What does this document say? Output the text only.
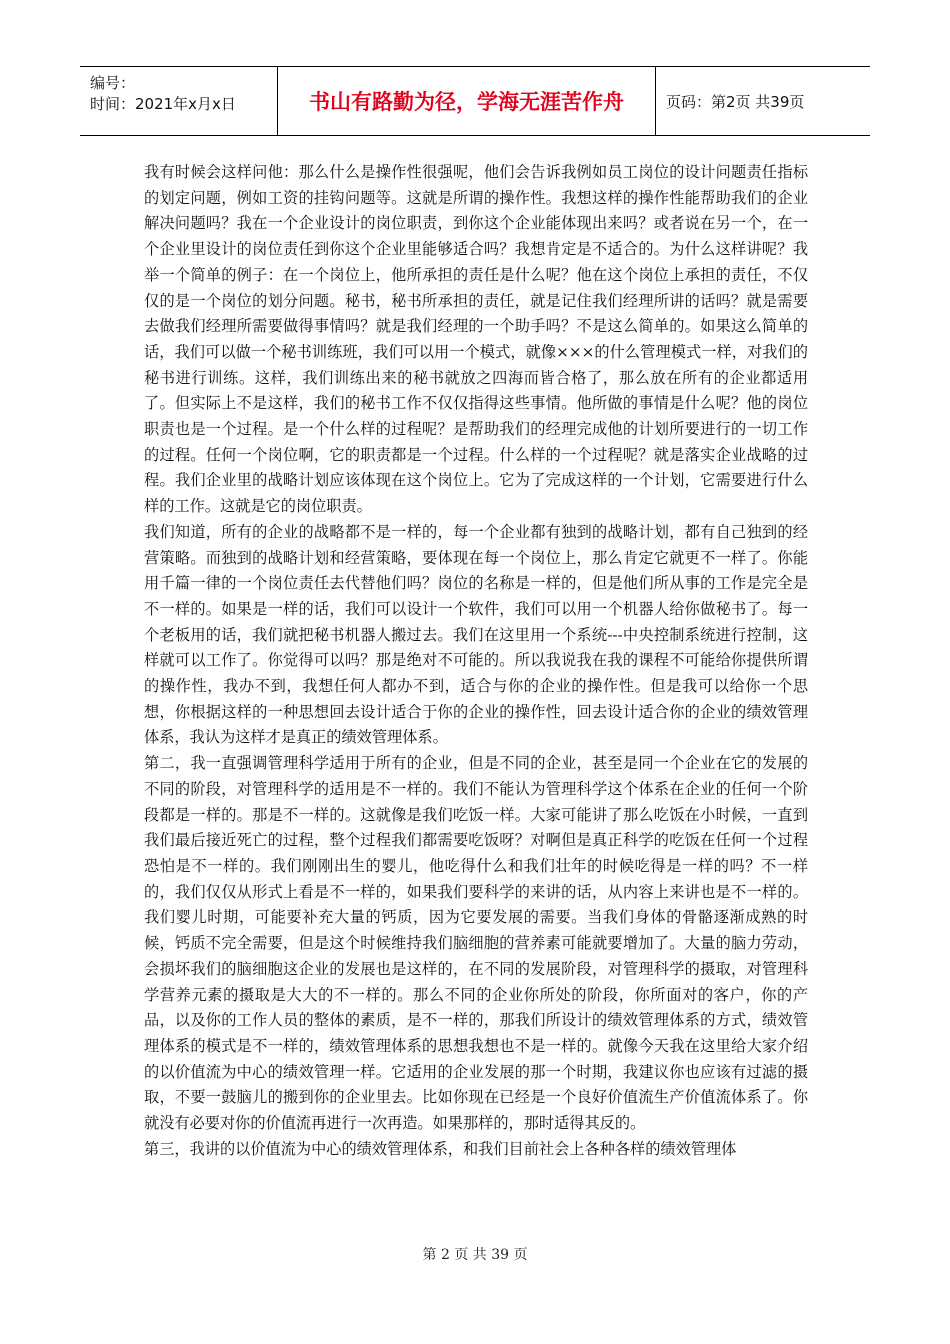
编号：
时间：2021年x月x日	书山有路勤为径，学海无涯苦作舟	页码：第2页 共39页

我有时候会这样问他：那么什么是操作性很强呢，他们会告诉我例如员工岗位的设计问题责任指标的划定问题，例如工资的挂钩问题等。这就是所谓的操作性。我想这样的操作性能帮助我们的企业解决问题吗？我在一个企业设计的岗位职责，到你这个企业能体现出来吗？或者说在另一个，在一个企业里设计的岗位责任到你这个企业里能够适合吗？我想肯定是不适合的。为什么这样讲呢？我举一个简单的例子：在一个岗位上，他所承担的责任是什么呢？他在这个岗位上承担的责任，不仅仅的是一个岗位的划分问题。秘书，秘书所承担的责任，就是记住我们经理所讲的话吗？就是需要去做我们经理所需要做得事情吗？就是我们经理的一个助手吗？不是这么简单的。如果这么简单的话，我们可以做一个秘书训练班，我们可以用一个模式，就像×××的什么管理模式一样，对我们的秘书进行训练。这样，我们训练出来的秘书就放之四海而皆合格了，那么放在所有的企业都适用了。但实际上不是这样，我们的秘书工作不仅仅指得这些事情。他所做的事情是什么呢？他的岗位职责也是一个过程。是一个什么样的过程呢？是帮助我们的经理完成他的计划所要进行的一切工作的过程。任何一个岗位啊，它的职责都是一个过程。什么样的一个过程呢？就是落实企业战略的过程。我们企业里的战略计划应该体现在这个岗位上。它为了完成这样的一个计划，它需要进行什么样的工作。这就是它的岗位职责。

我们知道，所有的企业的战略都不是一样的，每一个企业都有独到的战略计划，都有自己独到的经营策略。而独到的战略计划和经营策略，要体现在每一个岗位上，那么肯定它就更不一样了。你能用千篇一律的一个岗位责任去代替他们吗？岗位的名称是一样的，但是他们所从事的工作是完全是不一样的。如果是一样的话，我们可以设计一个软件，我们可以用一个机器人给你做秘书了。每一个老板用的话，我们就把秘书机器人搬过去。我们在这里用一个系统---中央控制系统进行控制，这样就可以工作了。你觉得可以吗？那是绝对不可能的。所以我说我在我的课程不可能给你提供所谓的操作性，我办不到，我想任何人都办不到，适合与你的企业的操作性。但是我可以给你一个思想，你根据这样的一种思想回去设计适合于你的企业的操作性，回去设计适合你的企业的绩效管理体系，我认为这样才是真正的绩效管理体系。

第二，我一直强调管理科学适用于所有的企业，但是不同的企业，甚至是同一个企业在它的发展的不同的阶段，对管理科学的适用是不一样的。我们不能认为管理科学这个体系在企业的任何一个阶段都是一样的。那是不一样的。这就像是我们吃饭一样。大家可能讲了那么吃饭在小时候，一直到我们最后接近死亡的过程，整个过程我们都需要吃饭呀？对啊但是真正科学的吃饭在任何一个过程恐怕是不一样的。我们刚刚出生的婴儿，他吃得什么和我们壮年的时候吃得是一样的吗？不一样的，我们仅仅从形式上看是不一样的，如果我们要科学的来讲的话，从内容上来讲也是不一样的。我们婴儿时期，可能要补充大量的钙质，因为它要发展的需要。当我们身体的骨骼逐渐成熟的时候，钙质不完全需要，但是这个时候维持我们脑细胞的营养素可能就要增加了。大量的脑力劳动，会损坏我们的脑细胞这企业的发展也是这样的，在不同的发展阶段，对管理科学的摄取，对管理科学营养元素的摄取是大大的不一样的。那么不同的企业你所处的阶段，你所面对的客户，你的产品，以及你的工作人员的整体的素质，是不一样的，那我们所设计的绩效管理体系的方式，绩效管理体系的模式是不一样的，绩效管理体系的思想我想也不是一样的。就像今天我在这里给大家介绍的以价值流为中心的绩效管理一样。它适用的企业发展的那一个时期，我建议你也应该有过滤的摄取，不要一鼓脑儿的搬到你的企业里去。比如你现在已经是一个良好价值流生产价值流体系了。你就没有必要对你的价值流再进行一次再造。如果那样的，那时适得其反的。

第三，我讲的以价值流为中心的绩效管理体系，和我们目前社会上各种各样的绩效管理体

第 2 页 共 39 页
